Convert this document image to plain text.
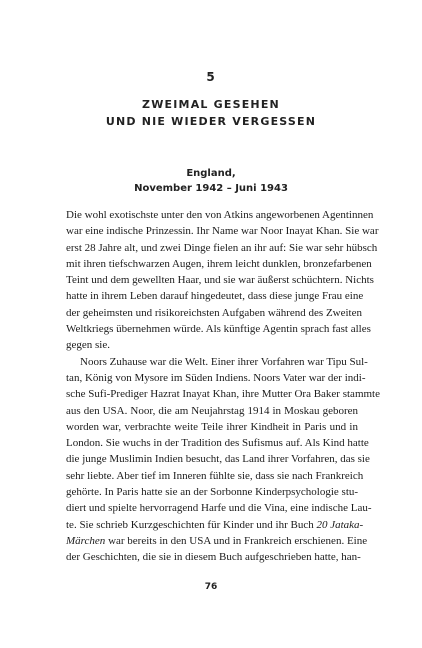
5
ZWEIMAL GESEHEN
UND NIE WIEDER VERGESSEN
England,
November 1942 – Juni 1943
Die wohl exotischste unter den von Atkins angeworbenen Agentinnen
war eine indische Prinzessin. Ihr Name war Noor Inayat Khan. Sie war
erst 28 Jahre alt, und zwei Dinge fielen an ihr auf: Sie war sehr hübsch
mit ihren tiefschwarzen Augen, ihrem leicht dunklen, bronzefarbenen
Teint und dem gewellten Haar, und sie war äußerst schüchtern. Nichts
hatte in ihrem Leben darauf hingedeutet, dass diese junge Frau eine
der geheimsten und risikoreichsten Aufgaben während des Zweiten
Weltkriegs übernehmen würde. Als künftige Agentin sprach fast alles
gegen sie.
Noors Zuhause war die Welt. Einer ihrer Vorfahren war Tipu Sul-
tan, König von Mysore im Süden Indiens. Noors Vater war der indi-
sche Sufi-Prediger Hazrat Inayat Khan, ihre Mutter Ora Baker stammte
aus den USA. Noor, die am Neujahrstag 1914 in Moskau geboren
worden war, verbrachte weite Teile ihrer Kindheit in Paris und in
London. Sie wuchs in der Tradition des Sufismus auf. Als Kind hatte
die junge Muslimin Indien besucht, das Land ihrer Vorfahren, das sie
sehr liebte. Aber tief im Inneren fühlte sie, dass sie nach Frankreich
gehörte. In Paris hatte sie an der Sorbonne Kinderpsychologie stu-
diert und spielte hervorragend Harfe und die Vina, eine indische Lau-
te. Sie schrieb Kurzgeschichten für Kinder und ihr Buch 20 Jataka-
Märchen war bereits in den USA und in Frankreich erschienen. Eine
der Geschichten, die sie in diesem Buch aufgeschrieben hatte, han-
76
